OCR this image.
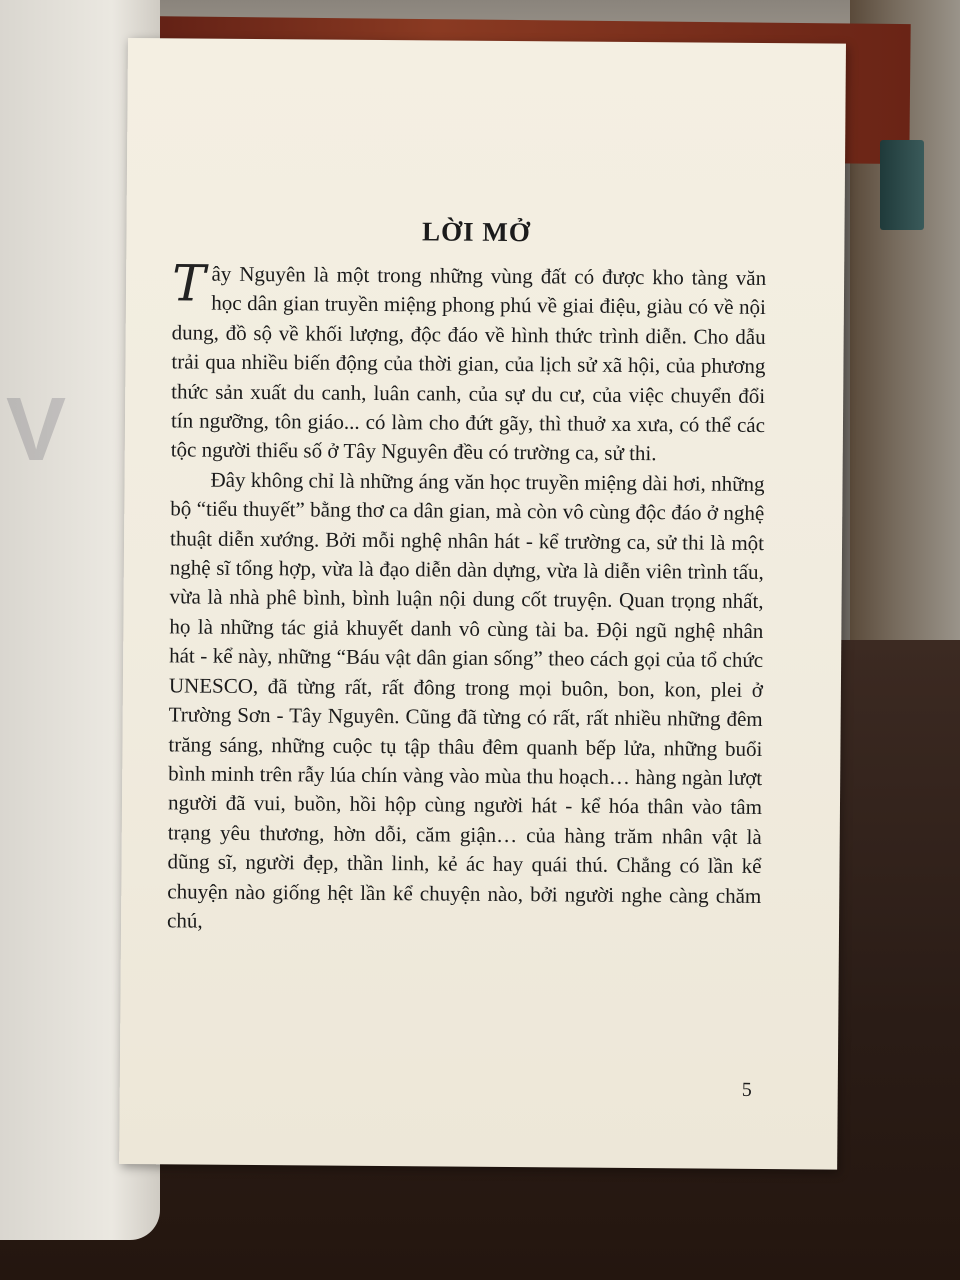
V
LỜI MỞ

Tây Nguyên là một trong những vùng đất có được kho tàng văn học dân gian truyền miệng phong phú về giai điệu, giàu có về nội dung, đồ sộ về khối lượng, độc đáo về hình thức trình diễn. Cho dẫu trải qua nhiều biến động của thời gian, của lịch sử xã hội, của phương thức sản xuất du canh, luân canh, của sự du cư, của việc chuyển đổi tín ngưỡng, tôn giáo... có làm cho đứt gãy, thì thuở xa xưa, có thể các tộc người thiểu số ở Tây Nguyên đều có trường ca, sử thi.

Đây không chỉ là những áng văn học truyền miệng dài hơi, những bộ “tiểu thuyết” bằng thơ ca dân gian, mà còn vô cùng độc đáo ở nghệ thuật diễn xướng. Bởi mỗi nghệ nhân hát - kể trường ca, sử thi là một nghệ sĩ tổng hợp, vừa là đạo diễn dàn dựng, vừa là diễn viên trình tấu, vừa là nhà phê bình, bình luận nội dung cốt truyện. Quan trọng nhất, họ là những tác giả khuyết danh vô cùng tài ba. Đội ngũ nghệ nhân hát - kể này, những “Báu vật dân gian sống” theo cách gọi của tổ chức UNESCO, đã từng rất, rất đông trong mọi buôn, bon, kon, plei ở Trường Sơn - Tây Nguyên. Cũng đã từng có rất, rất nhiều những đêm trăng sáng, những cuộc tụ tập thâu đêm quanh bếp lửa, những buổi bình minh trên rẫy lúa chín vàng vào mùa thu hoạch… hàng ngàn lượt người đã vui, buồn, hồi hộp cùng người hát - kể hóa thân vào tâm trạng yêu thương, hờn dỗi, căm giận… của hàng trăm nhân vật là dũng sĩ, người đẹp, thần linh, kẻ ác hay quái thú. Chẳng có lần kể chuyện nào giống hệt lần kể chuyện nào, bởi người nghe càng chăm chú,

5
